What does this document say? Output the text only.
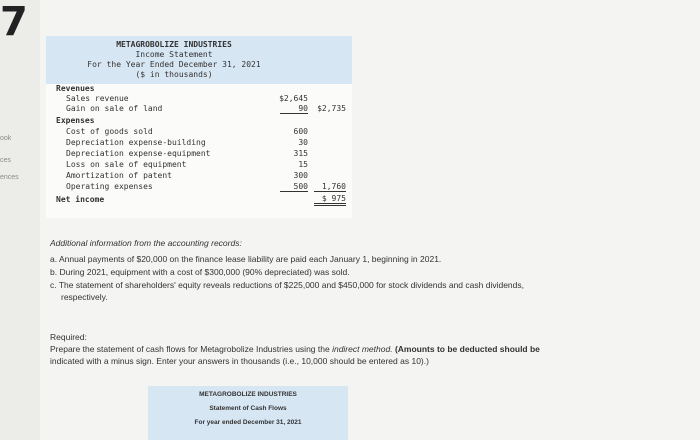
7
ook
ces
ences
METAGROBOLIZE INDUSTRIES
Income Statement
For the Year Ended December 31, 2021
($ in thousands)
Revenues
Sales revenue	$2,645
Gain on sale of land	90 $2,735
Expenses
Cost of goods sold	600
Depreciation expense-building	30
Depreciation expense-equipment	315
Loss on sale of equipment	15
Amortization of patent	300
Operating expenses	500	1,760
Net income	$ 975
Additional information from the accounting records:
a. Annual payments of $20,000 on the finance lease liability are paid each January 1, beginning in 2021.
b. During 2021, equipment with a cost of $300,000 (90% depreciated) was sold.
c. The statement of shareholders' equity reveals reductions of $225,000 and $450,000 for stock dividends and cash dividends,
respectively.
Required:
Prepare the statement of cash flows for Metagrobolize Industries using the indirect method. (Amounts to be deducted should be
indicated with a minus sign. Enter your answers in thousands (i.e., 10,000 should be entered as 10).)
METAGROBOLIZE INDUSTRIES
Statement of Cash Flows
For year ended December 31, 2021
